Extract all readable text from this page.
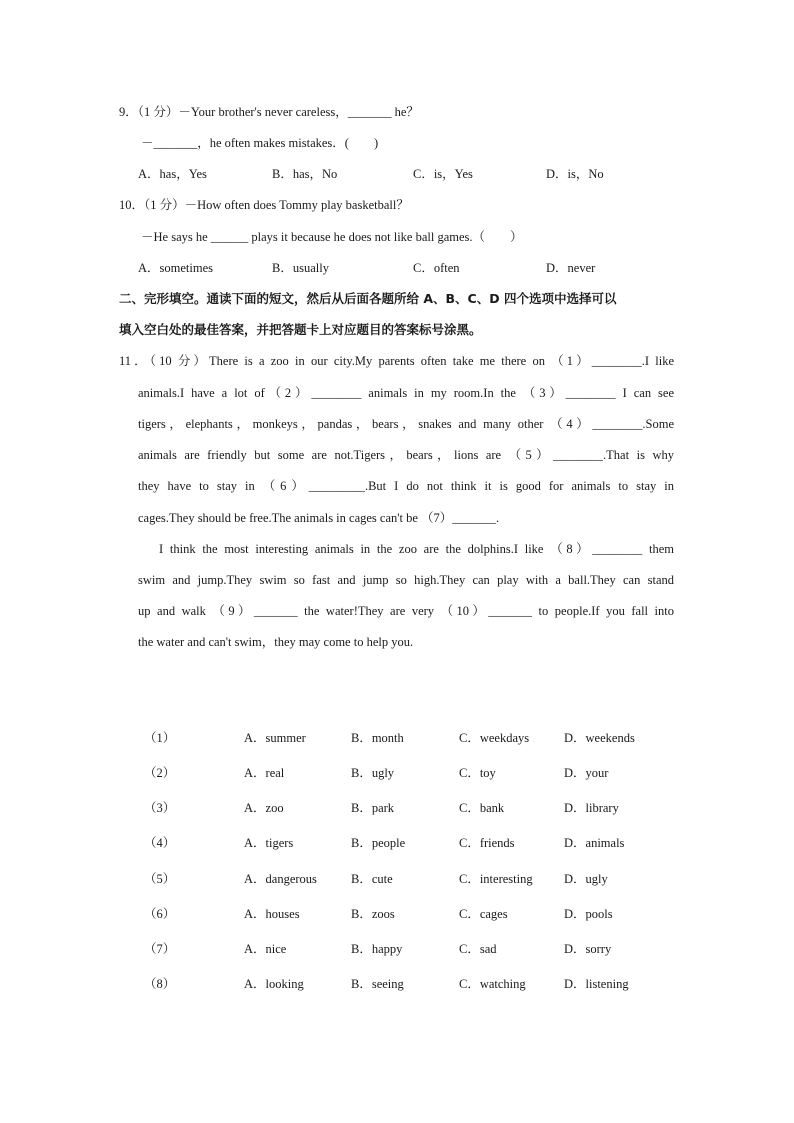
9．（1 分）－Your brother's never careless，_______ he？
－_______，he often makes mistakes．(　　)
A．has，Yes	B．has，No	C．is，Yes	D．is，No
10．（1 分）－How often does Tommy play basketball？
－He says he ______ plays it because he does not like ball games.（　　）
A．sometimes	B．usually	C．often	D．never
二、完形填空。通读下面的短文，然后从后面各题所给 A、B、C、D 四个选项中选择可以
填入空白处的最佳答案，并把答题卡上对应题目的答案标号涂黑。
11．（10 分）There is a zoo in our city.My parents often take me there on （1）________.I like
animals.I have a lot of（2）________ animals in my room.In the （3）________ I can see
tigers，elephants，monkeys，pandas，bears，snakes and many other （4）________.Some
animals are friendly but some are not.Tigers，bears，lions are （5）________.That is why
they have to stay in （6）_________.But I do not think it is good for animals to stay in
cages.They should be free.The animals in cages can't be （7）_______.
I think the most interesting animals in the zoo are the dolphins.I like （8）________ them
swim and jump.They swim so fast and jump so high.They can play with a ball.They can stand
up and walk （9）_______ the water!They are very （10）_______ to people.If you fall into
the water and can't swim，they may come to help you.
（1）	A．summer	B．month	C．weekdays	D．weekends
（2）	A．real	B．ugly	C．toy	D．your
（3）	A．zoo	B．park	C．bank	D．library
（4）	A．tigers	B．people	C．friends	D．animals
（5）	A．dangerous	B．cute	C．interesting	D．ugly
（6）	A．houses	B．zoos	C．cages	D．pools
（7）	A．nice	B．happy	C．sad	D．sorry
（8）	A．looking	B．seeing	C．watching	D．listening
